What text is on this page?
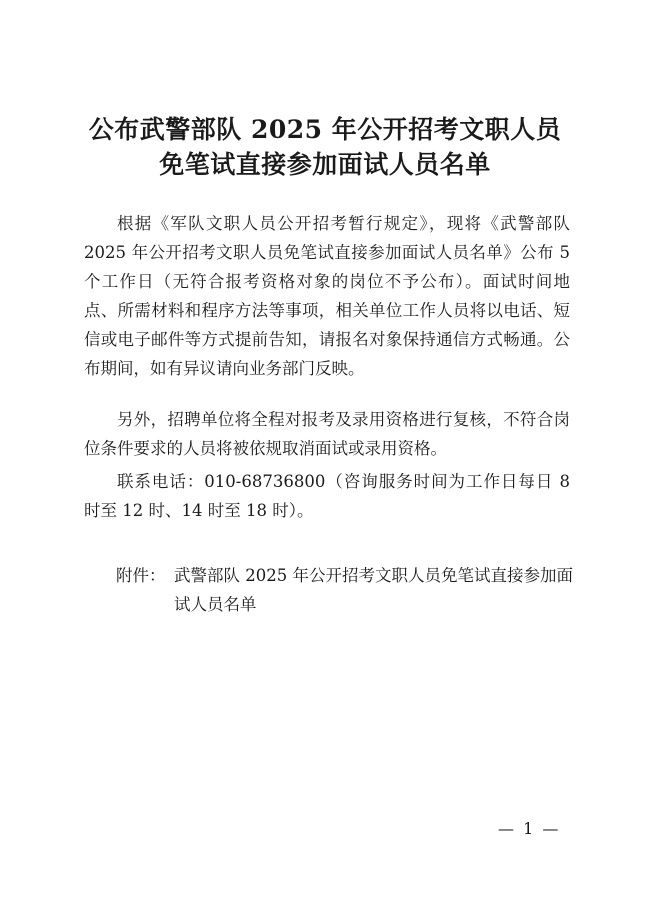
公布武警部队 2025 年公开招考文职人员
免笔试直接参加面试人员名单

根据《军队文职人员公开招考暂行规定》，现将《武警部队 2025 年公开招考文职人员免笔试直接参加面试人员名单》公布 5 个工作日（无符合报考资格对象的岗位不予公布）。面试时间地点、所需材料和程序方法等事项，相关单位工作人员将以电话、短信或电子邮件等方式提前告知，请报名对象保持通信方式畅通。公布期间，如有异议请向业务部门反映。

另外，招聘单位将全程对报考及录用资格进行复核，不符合岗位条件要求的人员将被依规取消面试或录用资格。

联系电话：010-68736800（咨询服务时间为工作日每日 8 时至 12 时、14 时至 18 时）。

附件： 武警部队 2025 年公开招考文职人员免笔试直接参加面试人员名单
— 1 —
